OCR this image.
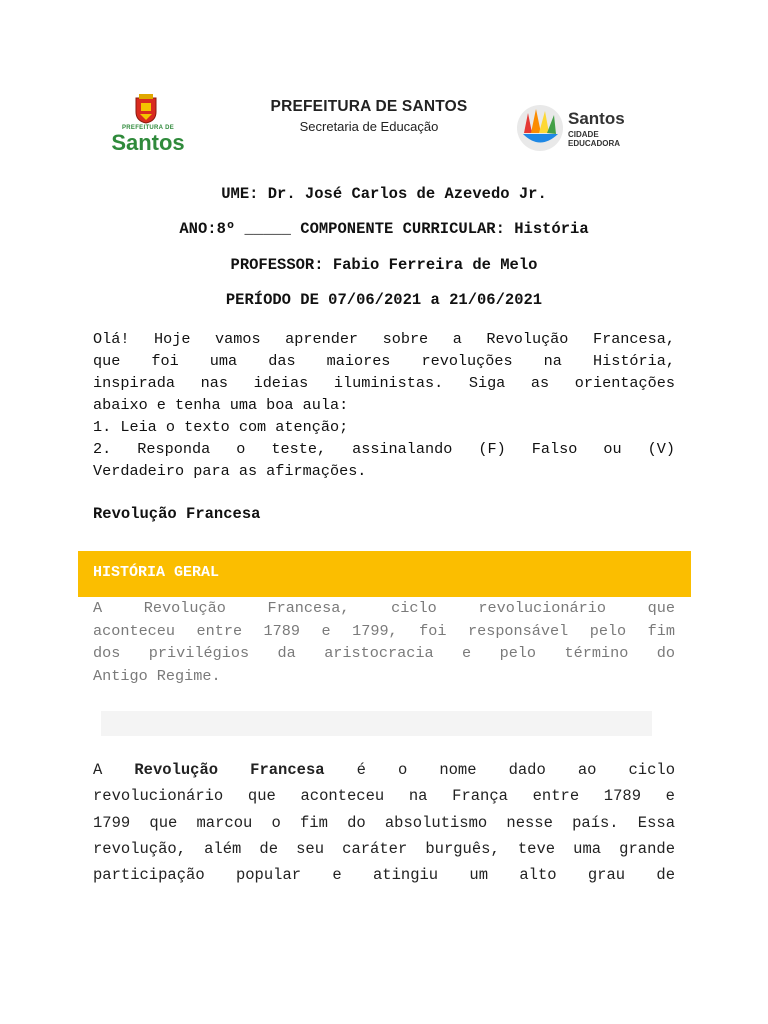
PREFEITURA DE
Santos
PREFEITURA DE SANTOS
Secretaria de Educação	Santos
CIDADE
EDUCADORA
UME: Dr. José Carlos de Azevedo Jr.
ANO:8º _____ COMPONENTE CURRICULAR: História
PROFESSOR: Fabio Ferreira de Melo
PERÍODO DE 07/06/2021 a 21/06/2021
Olá! Hoje vamos aprender sobre a Revolução Francesa,
que foi uma das maiores revoluções na História,
inspirada nas ideias iluministas. Siga as orientações
abaixo e tenha uma boa aula:
1. Leia o texto com atenção;
2. Responda o teste, assinalando (F) Falso ou (V)
Verdadeiro para as afirmações.
Revolução Francesa
HISTÓRIA GERAL
A Revolução Francesa, ciclo revolucionário que
aconteceu entre 1789 e 1799, foi responsável pelo fim
dos privilégios da aristocracia e pelo término do
Antigo Regime.
A Revolução Francesa é o nome dado ao ciclo
revolucionário que aconteceu na França entre 1789 e
1799 que marcou o fim do absolutismo nesse país. Essa
revolução, além de seu caráter burguês, teve uma grande
participação popular e atingiu um alto grau de
